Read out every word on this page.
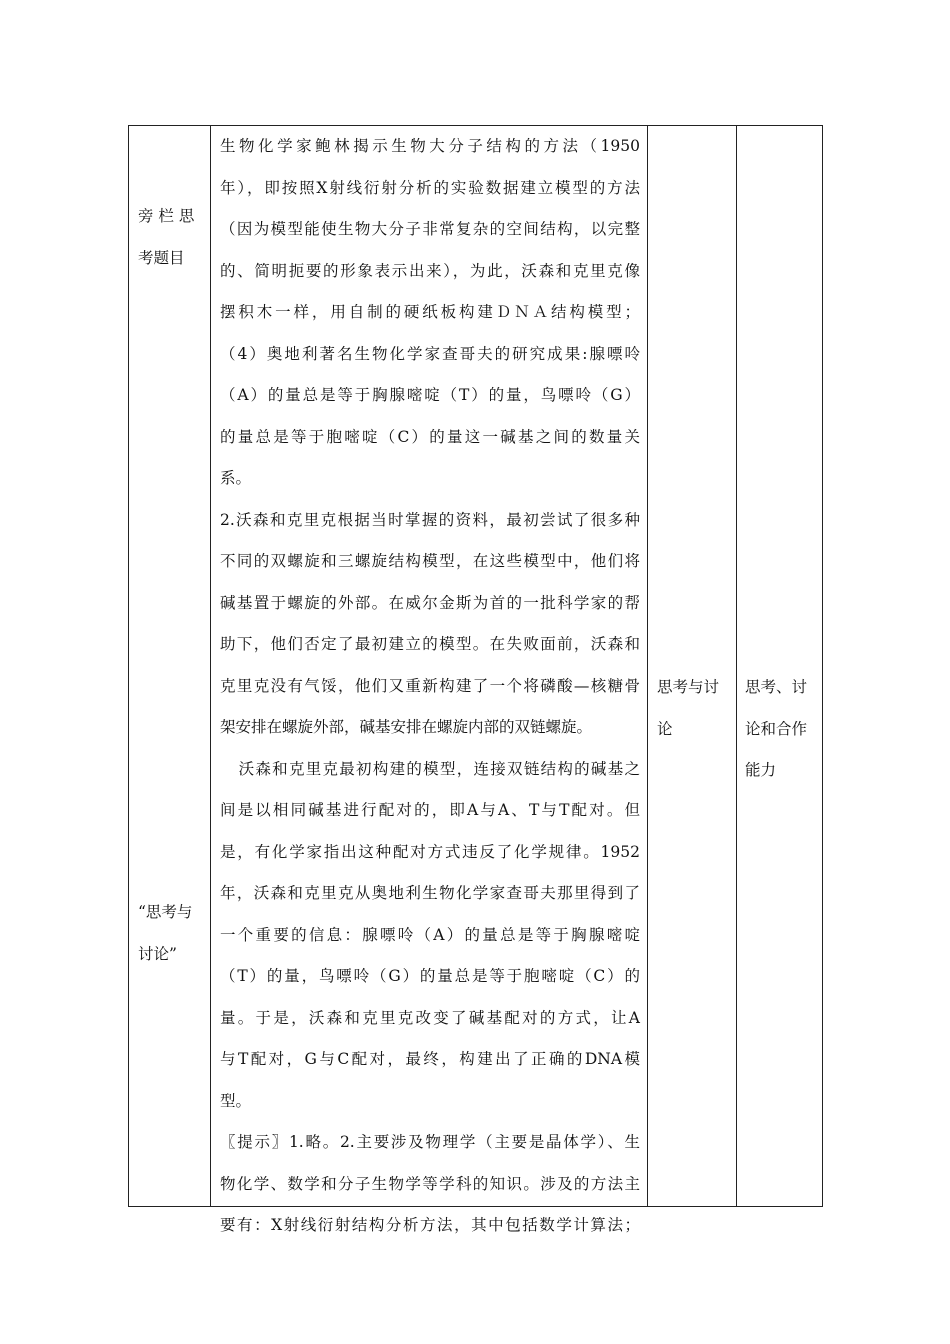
旁 栏 思
考题目
“思考与
讨论”
生物化学家鲍林揭示生物大分子结构的方法（1950
年），即按照X射线衍射分析的实验数据建立模型的方法
（因为模型能使生物大分子非常复杂的空间结构，以完整
的、简明扼要的形象表示出来），为此，沃森和克里克像
摆积木一样，用自制的硬纸板构建ＤＮＡ结构模型；
（4）奥地利著名生物化学家查哥夫的研究成果:腺嘌呤
（A）的量总是等于胸腺嘧啶（T）的量，鸟嘌呤（G）
的量总是等于胞嘧啶（C）的量这一碱基之间的数量关
系。
2.沃森和克里克根据当时掌握的资料，最初尝试了很多种
不同的双螺旋和三螺旋结构模型，在这些模型中，他们将
碱基置于螺旋的外部。在威尔金斯为首的一批科学家的帮
助下，他们否定了最初建立的模型。在失败面前，沃森和
克里克没有气馁，他们又重新构建了一个将磷酸—核糖骨
架安排在螺旋外部，碱基安排在螺旋内部的双链螺旋。
沃森和克里克最初构建的模型，连接双链结构的碱基之
间是以相同碱基进行配对的，即A与A、T与T配对。但
是，有化学家指出这种配对方式违反了化学规律。1952
年，沃森和克里克从奥地利生物化学家查哥夫那里得到了
一个重要的信息：腺嘌呤（A）的量总是等于胸腺嘧啶
（T）的量，鸟嘌呤（G）的量总是等于胞嘧啶（C）的
量。于是，沃森和克里克改变了碱基配对的方式，让A
与T配对，G与C配对，最终，构建出了正确的DNA模
型。
〖提示〗1.略。2.主要涉及物理学（主要是晶体学）、生
物化学、数学和分子生物学等学科的知识。涉及的方法主
要有：X射线衍射结构分析方法，其中包括数学计算法；
思考与讨
论
思考、讨
论和合作
能力
